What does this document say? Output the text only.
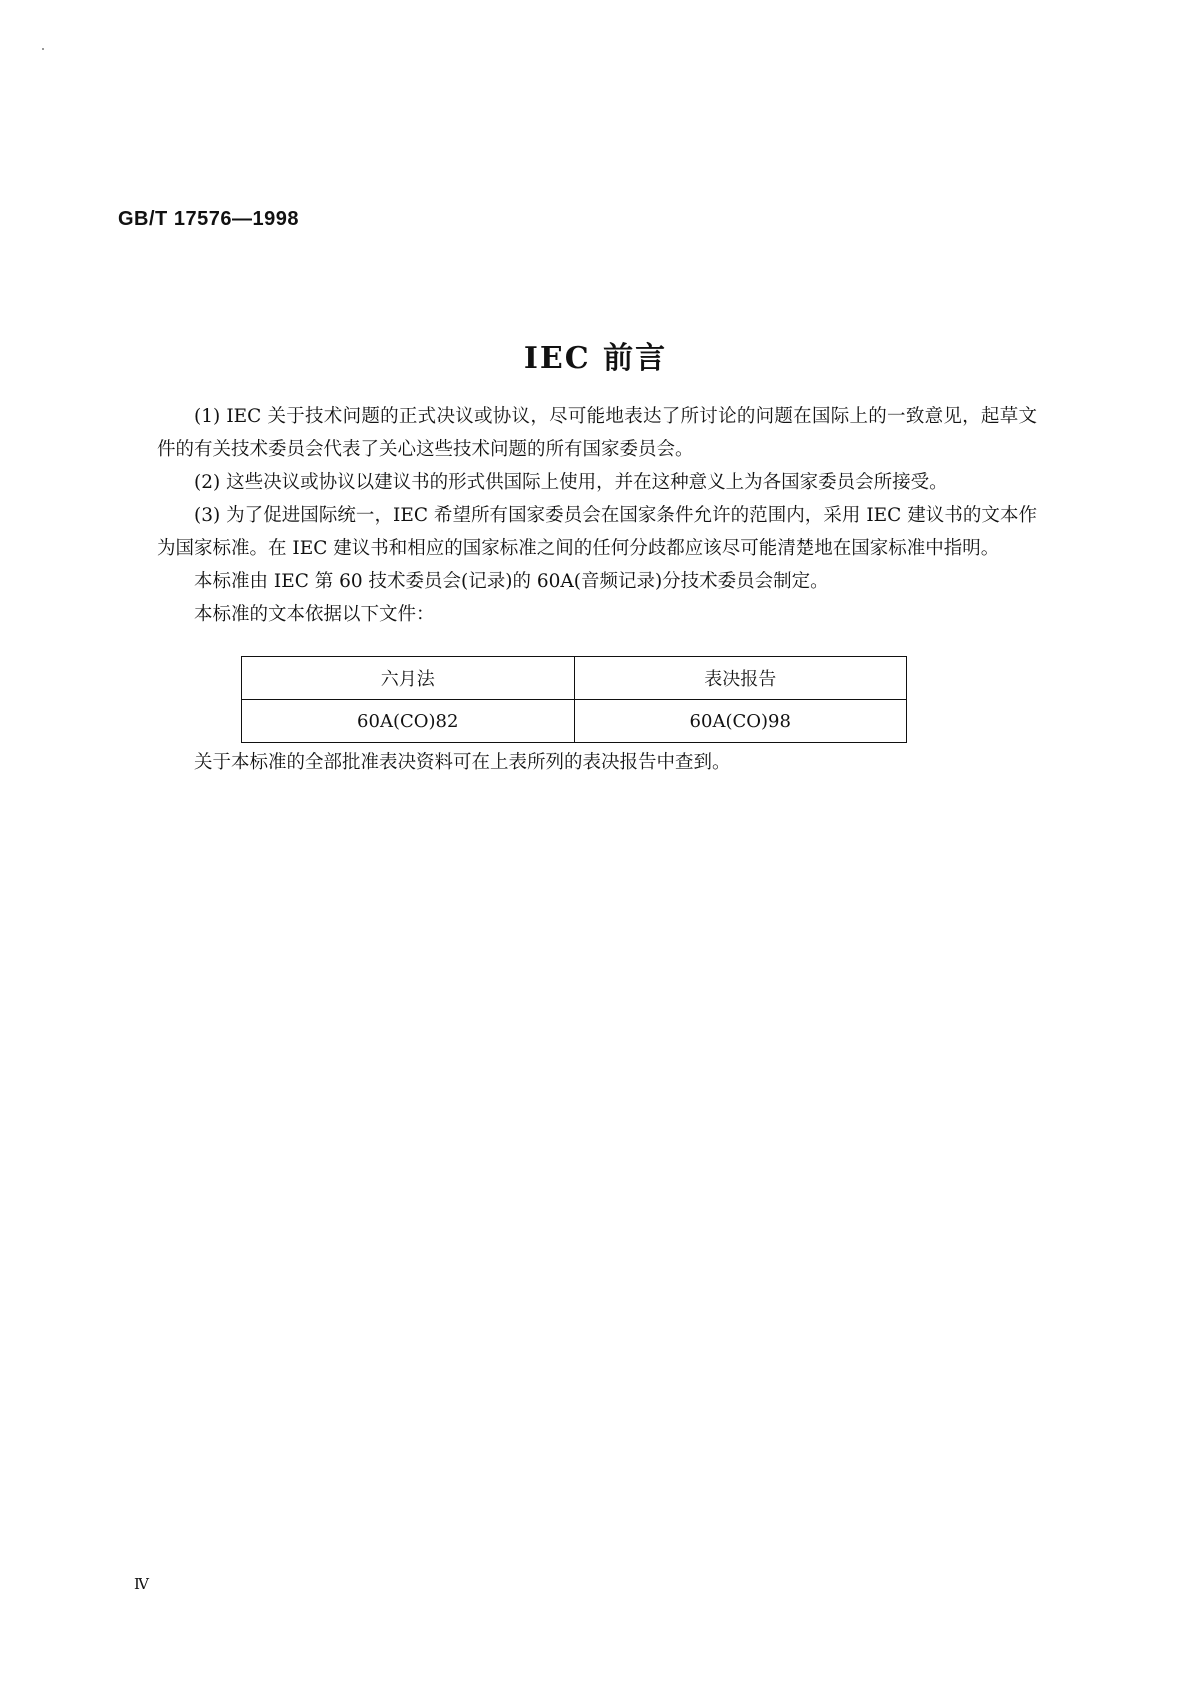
GB/T 17576—1998
IEC 前言

(1) IEC 关于技术问题的正式决议或协议，尽可能地表达了所讨论的问题在国际上的一致意见，起草文件的有关技术委员会代表了关心这些技术问题的所有国家委员会。

(2) 这些决议或协议以建议书的形式供国际上使用，并在这种意义上为各国家委员会所接受。

(3) 为了促进国际统一，IEC 希望所有国家委员会在国家条件允许的范围内，采用 IEC 建议书的文本作为国家标准。在 IEC 建议书和相应的国家标准之间的任何分歧都应该尽可能清楚地在国家标准中指明。

本标准由 IEC 第 60 技术委员会(记录)的 60A(音频记录)分技术委员会制定。

本标准的文本依据以下文件：

六月法	表决报告
60A(CO)82	60A(CO)98
关于本标准的全部批准表决资料可在上表所列的表决报告中查到。
Ⅳ
